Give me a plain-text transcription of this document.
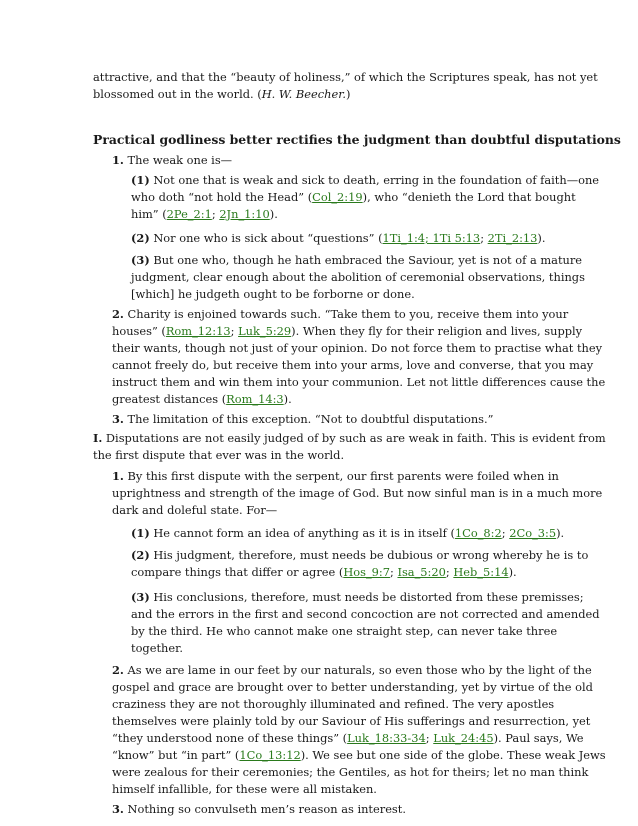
attractive, and that the “beauty of holiness,” of which the Scriptures speak, has not yet
blossomed out in the world. (H. W. Beecher.)
Practical godliness better rectifies the judgment than doubtful disputations
1. The weak one is—
(1) Not one that is weak and sick to death, erring in the foundation of faith—one
who doth “not hold the Head” (Col_2:19), who “denieth the Lord that bought
him” (2Pe_2:1; 2Jn_1:10).
(2) Nor one who is sick about “questions” (1Ti_1:4; 1Ti 5:13; 2Ti_2:13).
(3) But one who, though he hath embraced the Saviour, yet is not of a mature
judgment, clear enough about the abolition of ceremonial observations, things
[which] he judgeth ought to be forborne or done.
2. Charity is enjoined towards such. “Take them to you, receive them into your
houses” (Rom_12:13; Luk_5:29). When they fly for their religion and lives, supply
their wants, though not just of your opinion. Do not force them to practise what they
cannot freely do, but receive them into your arms, love and converse, that you may
instruct them and win them into your communion. Let not little differences cause the
greatest distances (Rom_14:3).
3. The limitation of this exception. “Not to doubtful disputations.”
I. Disputations are not easily judged of by such as are weak in faith. This is evident from
the first dispute that ever was in the world.
1. By this first dispute with the serpent, our first parents were foiled when in
uprightness and strength of the image of God. But now sinful man is in a much more
dark and doleful state. For—
(1) He cannot form an idea of anything as it is in itself (1Co_8:2; 2Co_3:5).
(2) His judgment, therefore, must needs be dubious or wrong whereby he is to
compare things that differ or agree (Hos_9:7; Isa_5:20; Heb_5:14).
(3) His conclusions, therefore, must needs be distorted from these premisses;
and the errors in the first and second concoction are not corrected and amended
by the third. He who cannot make one straight step, can never take three
together.
2. As we are lame in our feet by our naturals, so even those who by the light of the
gospel and grace are brought over to better understanding, yet by virtue of the old
craziness they are not thoroughly illuminated and refined. The very apostles
themselves were plainly told by our Saviour of His sufferings and resurrection, yet
“they understood none of these things” (Luk_18:33-34; Luk_24:45). Paul says, We
“know” but “in part” (1Co_13:12). We see but one side of the globe. These weak Jews
were zealous for their ceremonies; the Gentiles, as hot for theirs; let no man think
himself infallible, for these were all mistaken.
3. Nothing so convulseth men’s reason as interest.
